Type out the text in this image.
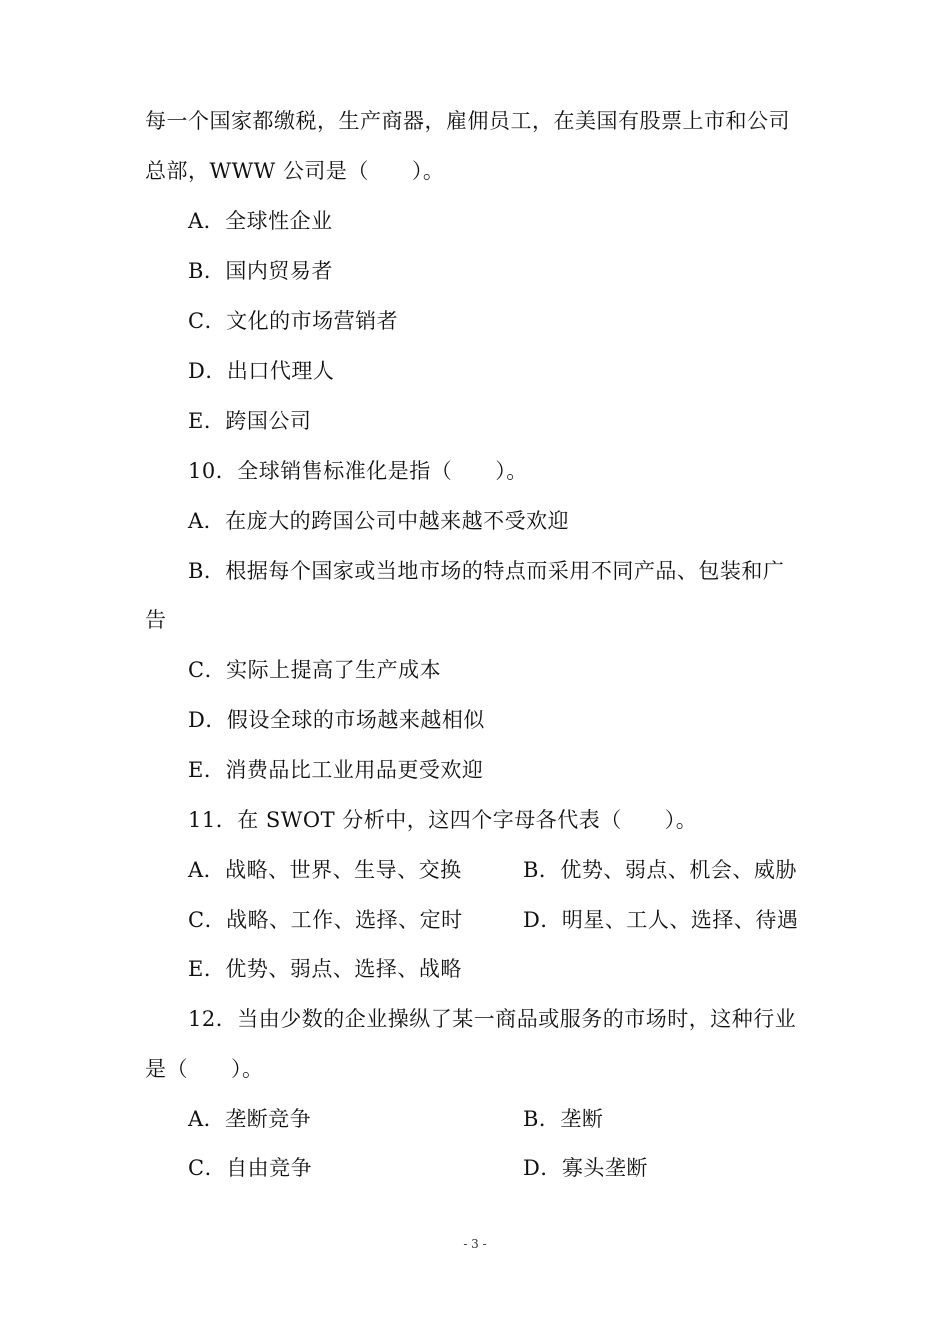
每一个国家都缴税，生产商器，雇佣员工，在美国有股票上市和公司
总部，WWW 公司是（　　）。
A．全球性企业
B．国内贸易者
C．文化的市场营销者
D．出口代理人
E．跨国公司
10．全球销售标准化是指（　　）。
A．在庞大的跨国公司中越来越不受欢迎
B．根据每个国家或当地市场的特点而采用不同产品、包装和广
告
C．实际上提高了生产成本
D．假设全球的市场越来越相似
E．消费品比工业用品更受欢迎
11．在 SWOT 分析中，这四个字母各代表（　　）。
A．战略、世界、生导、交换	B．优势、弱点、机会、威胁
C．战略、工作、选择、定时	D．明星、工人、选择、待遇
E．优势、弱点、选择、战略
12．当由少数的企业操纵了某一商品或服务的市场时，这种行业
是（　　）。
A．垄断竞争	B．垄断
C．自由竞争	D．寡头垄断
- 3 -
